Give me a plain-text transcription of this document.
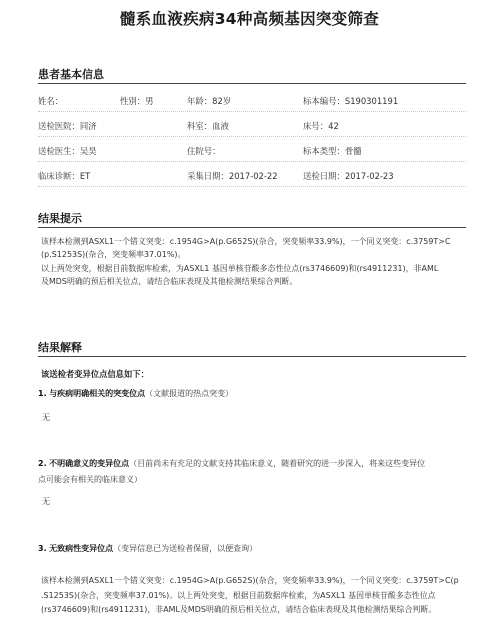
髓系血液疾病34种高频基因突变筛查
患者基本信息
姓名：	性别：男	年龄：82岁	标本编号：S190301191
送检医院：同济	科室：血液	床号：42
送检医生：吴昊	住院号：	标本类型：骨髓
临床诊断：ET	采集日期：2017-02-22	送检日期：2017-02-23
结果提示
该样本检测到ASXL1一个错义突变：c.1954G>A(p.G652S)(杂合，突变频率33.9%)，一个同义突变：c.3759T>C
(p.S1253S)(杂合，突变频率37.01%)。
以上两处突变，根据目前数据库检索，为ASXL1 基因单核苷酸多态性位点(rs3746609)和(rs4911231)，非AML
及MDS明确的预后相关位点，请结合临床表现及其他检测结果综合判断。
结果解释
该送检者变异位点信息如下：
1. 与疾病明确相关的突变位点（文献报道的热点突变）
无
2. 不明确意义的变异位点（目前尚未有充足的文献支持其临床意义，随着研究的进一步深入，将来这些变异位
点可能会有相关的临床意义）
无
3. 无致病性变异位点（变异信息已为送检者保留，以便查询）
该样本检测到ASXL1一个错义突变：c.1954G>A(p.G652S)(杂合，突变频率33.9%)，一个同义突变：c.3759T>C(p
.S1253S)(杂合，突变频率37.01%)。以上两处突变，根据目前数据库检索，为ASXL1 基因单核苷酸多态性位点
(rs3746609)和(rs4911231)，非AML及MDS明确的预后相关位点，请结合临床表现及其他检测结果综合判断。
